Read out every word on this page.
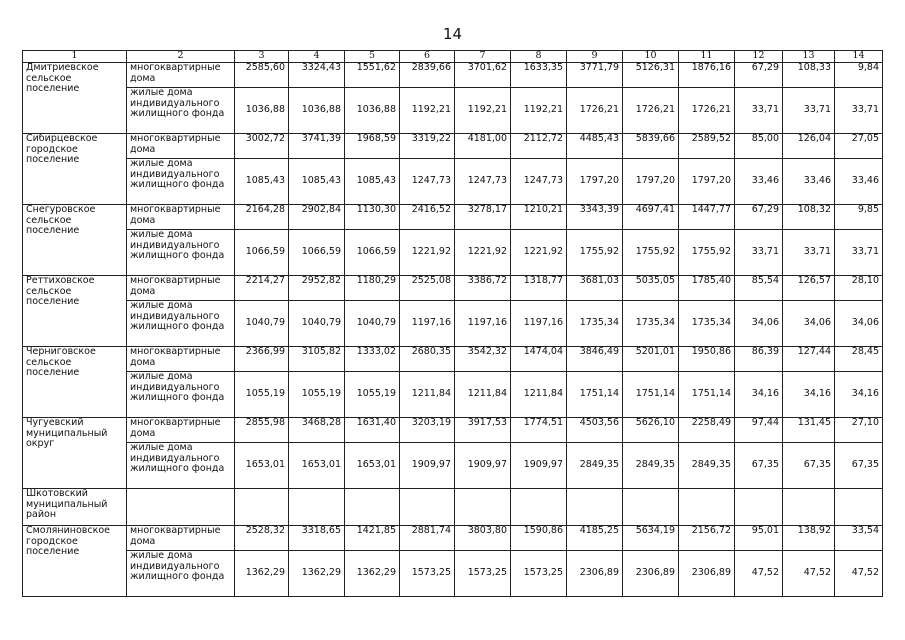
14
1	2	3	4	5	6	7	8	9	10	11	12	13	14
Дмитриевское сельское поселение	многоквартирные дома	2585,60	3324,43	1551,62	2839,66	3701,62	1633,35	3771,79	5126,31	1876,16	67,29	108,33	9,84
	жилые дома индивидуального жилищного фонда	1036,88	1036,88	1036,88	1192,21	1192,21	1192,21	1726,21	1726,21	1726,21	33,71	33,71	33,71
Сибирцевское городское поселение	многоквартирные дома	3002,72	3741,39	1968,59	3319,22	4181,00	2112,72	4485,43	5839,66	2589,52	85,00	126,04	27,05
	жилые дома индивидуального жилищного фонда	1085,43	1085,43	1085,43	1247,73	1247,73	1247,73	1797,20	1797,20	1797,20	33,46	33,46	33,46
Снегуровское сельское поселение	многоквартирные дома	2164,28	2902,84	1130,30	2416,52	3278,17	1210,21	3343,39	4697,41	1447,77	67,29	108,32	9,85
	жилые дома индивидуального жилищного фонда	1066,59	1066,59	1066,59	1221,92	1221,92	1221,92	1755,92	1755,92	1755,92	33,71	33,71	33,71
Реттиховское сельское поселение	многоквартирные дома	2214,27	2952,82	1180,29	2525,08	3386,72	1318,77	3681,03	5035,05	1785,40	85,54	126,57	28,10
	жилые дома индивидуального жилищного фонда	1040,79	1040,79	1040,79	1197,16	1197,16	1197,16	1735,34	1735,34	1735,34	34,06	34,06	34,06
Черниговское сельское поселение	многоквартирные дома	2366,99	3105,82	1333,02	2680,35	3542,32	1474,04	3846,49	5201,01	1950,86	86,39	127,44	28,45
	жилые дома индивидуального жилищного фонда	1055,19	1055,19	1055,19	1211,84	1211,84	1211,84	1751,14	1751,14	1751,14	34,16	34,16	34,16
Чугуевский муниципальный округ	многоквартирные дома	2855,98	3468,28	1631,40	3203,19	3917,53	1774,51	4503,56	5626,10	2258,49	97,44	131,45	27,10
	жилые дома индивидуального жилищного фонда	1653,01	1653,01	1653,01	1909,97	1909,97	1909,97	2849,35	2849,35	2849,35	67,35	67,35	67,35
Шкотовский муниципальный район													
Смоляниновское городское поселение	многоквартирные дома	2528,32	3318,65	1421,85	2881,74	3803,80	1590,86	4185,25	5634,19	2156,72	95,01	138,92	33,54
	жилые дома индивидуального жилищного фонда	1362,29	1362,29	1362,29	1573,25	1573,25	1573,25	2306,89	2306,89	2306,89	47,52	47,52	47,52
